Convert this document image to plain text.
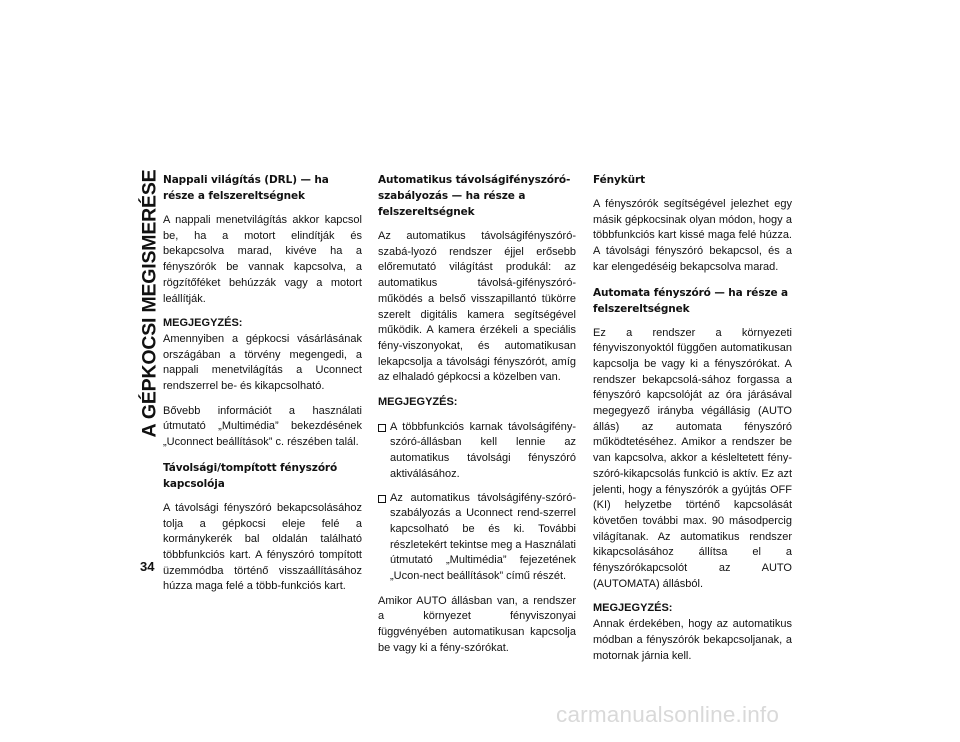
A GÉPKOCSI MEGISMERÉSE
34
Nappali világítás (DRL) — ha része a felszereltségnek

A nappali menetvilágítás akkor kapcsol be, ha a motort elindítják és bekapcsolva marad, kivéve ha a fényszórók be vannak kapcsolva, a rögzítőféket behúzzák vagy a motort leállítják.

MEGJEGYZÉS:
Amennyiben a gépkocsi vásárlásának országában a törvény megengedi, a nappali menetvilágítás a Uconnect rendszerrel be- és kikapcsolható.

Bővebb információt a használati útmutató „Multimédia” bekezdésének „Uconnect beállítások” c. részében talál.

Távolsági/tompított fényszóró kapcsolója

A távolsági fényszóró bekapcsolásához tolja a gépkocsi eleje felé a kormánykerék bal oldalán található többfunkciós kart. A fényszóró tompított üzemmódba történő visszaállításához húzza maga felé a több-funkciós kart.

Automatikus távolságifényszóró-szabályozás — ha része a felszereltségnek

Az automatikus távolságifényszóró-szabá-lyozó rendszer éjjel erősebb előremutató világítást produkál: az automatikus távolsá-gifényszóró-működés a belső visszapillantó tükörre szerelt digitális kamera segítségével működik. A kamera érzékeli a speciális fény-viszonyokat, és automatikusan lekapcsolja a távolsági fényszórót, amíg az elhaladó gépkocsi a közelben van.

MEGJEGYZÉS:

A többfunkciós karnak távolságifény-szóró-állásban kell lennie az automatikus távolsági fényszóró aktiválásához.
Az automatikus távolságifény-szóró-szabályozás a Uconnect rend-szerrel kapcsolható be és ki. További részletekért tekintse meg a Használati útmutató „Multimédia” fejezetének „Ucon-nect beállítások” című részét.

Amikor AUTO állásban van, a rendszer a környezet fényviszonyai függvényében automatikusan kapcsolja be vagy ki a fény-szórókat.

Fénykürt

A fényszórók segítségével jelezhet egy másik gépkocsinak olyan módon, hogy a többfunkciós kart kissé maga felé húzza. A távolsági fényszóró bekapcsol, és a kar elengedéséig bekapcsolva marad.

Automata fényszóró — ha része a felszereltségnek

Ez a rendszer a környezeti fényviszonyoktól függően automatikusan kapcsolja be vagy ki a fényszórókat. A rendszer bekapcsolá-sához forgassa a fényszóró kapcsolóját az óra járásával megegyező irányba végállásig (AUTO állás) az automata fényszóró működtetéséhez. Amikor a rendszer be van kapcsolva, akkor a késleltetett fény-szóró-kikapcsolás funkció is aktív. Ez azt jelenti, hogy a fényszórók a gyújtás OFF (KI) helyzetbe történő kapcsolását követően további max. 90 másodpercig világítanak. Az automatikus rendszer kikapcsolásához állítsa el a fényszórókapcsolót az AUTO (AUTOMATA) állásból.

MEGJEGYZÉS:
Annak érdekében, hogy az automatikus módban a fényszórók bekapcsoljanak, a motornak járnia kell.

carmanualsonline.info
